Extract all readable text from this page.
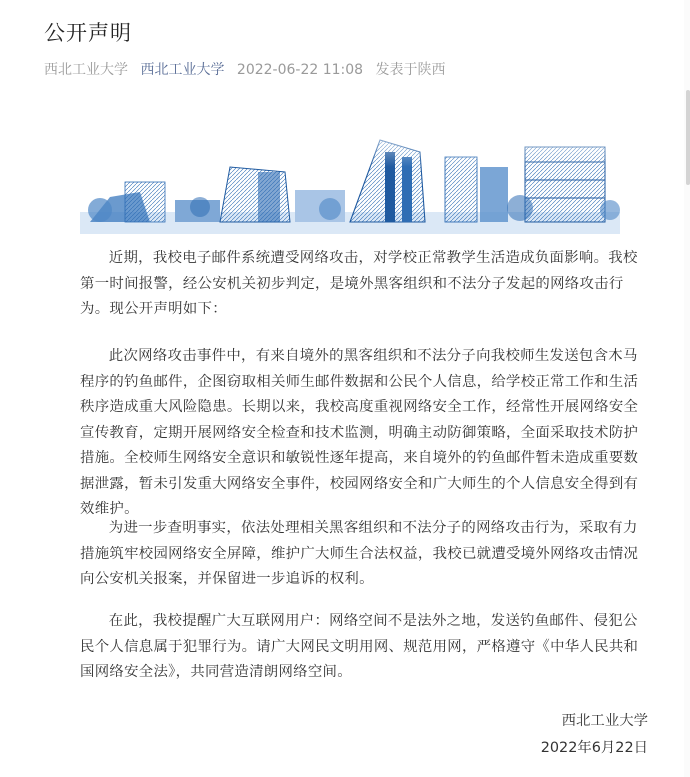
公开声明
西北工业大学 西北工业大学 2022-06-22 11:08 发表于陕西

近期，我校电子邮件系统遭受网络攻击，对学校正常教学生活造成负面影响。我校第一时间报警，经公安机关初步判定，是境外黑客组织和不法分子发起的网络攻击行为。现公开声明如下：

此次网络攻击事件中，有来自境外的黑客组织和不法分子向我校师生发送包含木马程序的钓鱼邮件，企图窃取相关师生邮件数据和公民个人信息，给学校正常工作和生活秩序造成重大风险隐患。长期以来，我校高度重视网络安全工作，经常性开展网络安全宣传教育，定期开展网络安全检查和技术监测，明确主动防御策略，全面采取技术防护措施。全校师生网络安全意识和敏锐性逐年提高，来自境外的钓鱼邮件暂未造成重要数据泄露，暂未引发重大网络安全事件，校园网络安全和广大师生的个人信息安全得到有效维护。

为进一步查明事实，依法处理相关黑客组织和不法分子的网络攻击行为，采取有力措施筑牢校园网络安全屏障，维护广大师生合法权益，我校已就遭受境外网络攻击情况向公安机关报案，并保留进一步追诉的权利。

在此，我校提醒广大互联网用户：网络空间不是法外之地，发送钓鱼邮件、侵犯公民个人信息属于犯罪行为。请广大网民文明用网、规范用网，严格遵守《中华人民共和国网络安全法》，共同营造清朗网络空间。

西北工业大学
2022年6月22日
